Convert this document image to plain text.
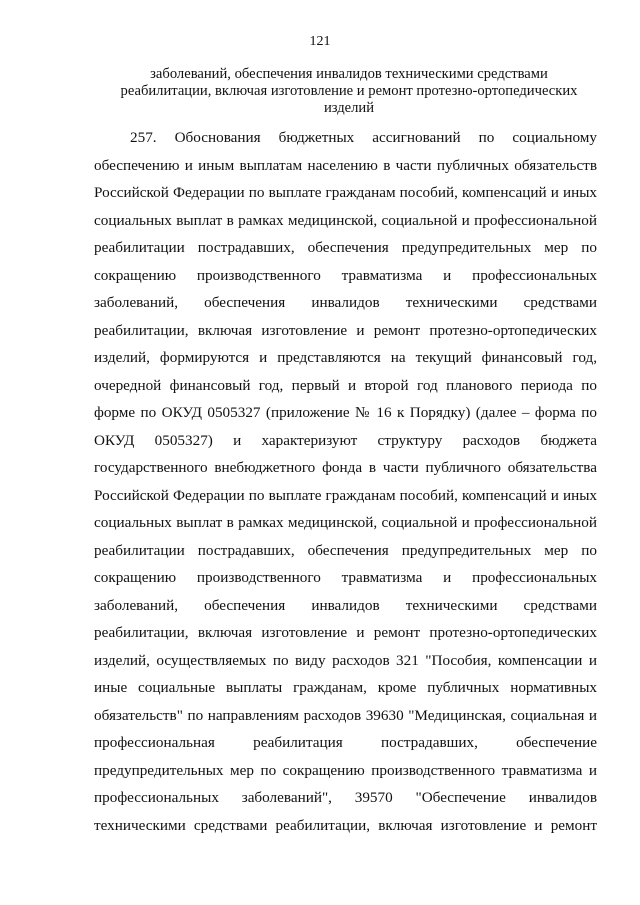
121
заболеваний, обеспечения инвалидов техническими средствами
реабилитации, включая изготовление и ремонт протезно-ортопедических
изделий
257. Обоснования бюджетных ассигнований по социальному
обеспечению и иным выплатам населению в части публичных обязательств
Российской Федерации по выплате гражданам пособий, компенсаций и иных
социальных выплат в рамках медицинской, социальной и профессиональной
реабилитации пострадавших, обеспечения предупредительных мер по
сокращению производственного травматизма и профессиональных
заболеваний, обеспечения инвалидов техническими средствами
реабилитации, включая изготовление и ремонт протезно-ортопедических
изделий, формируются и представляются на текущий финансовый год,
очередной финансовый год, первый и второй год планового периода по
форме по ОКУД 0505327 (приложение № 16 к Порядку) (далее – форма по
ОКУД 0505327) и характеризуют структуру расходов бюджета
государственного внебюджетного фонда в части публичного обязательства
Российской Федерации по выплате гражданам пособий, компенсаций и иных
социальных выплат в рамках медицинской, социальной и профессиональной
реабилитации пострадавших, обеспечения предупредительных мер по
сокращению производственного травматизма и профессиональных
заболеваний, обеспечения инвалидов техническими средствами
реабилитации, включая изготовление и ремонт протезно-ортопедических
изделий, осуществляемых по виду расходов 321 "Пособия, компенсации и
иные социальные выплаты гражданам, кроме публичных нормативных
обязательств" по направлениям расходов 39630 "Медицинская, социальная и
профессиональная реабилитация пострадавших, обеспечение
предупредительных мер по сокращению производственного травматизма и
профессиональных заболеваний", 39570 "Обеспечение инвалидов
техническими средствами реабилитации, включая изготовление и ремонт
